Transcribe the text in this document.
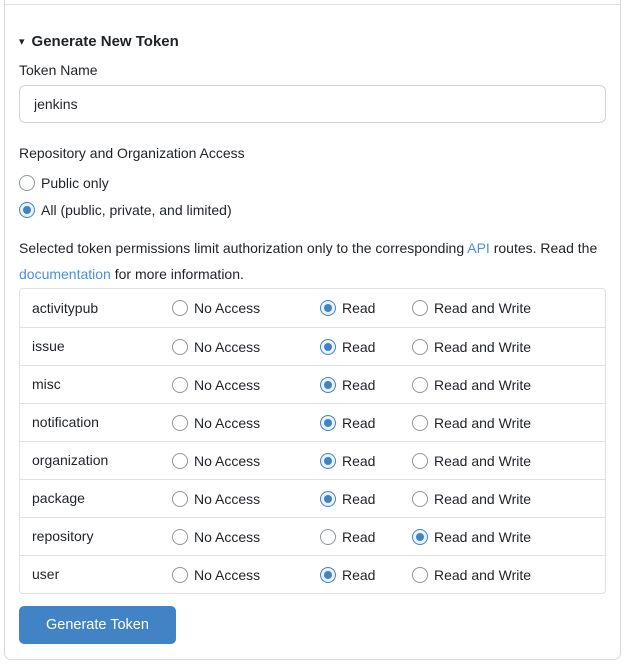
▾ Generate New Token
Token Name
jenkins
Repository and Organization Access
Public only
All (public, private, and limited)

Selected token permissions limit authorization only to the corresponding API routes. Read the documentation for more information.

activitypub	No Access	Read	Read and Write
issue	No Access	Read	Read and Write
misc	No Access	Read	Read and Write
notification	No Access	Read	Read and Write
organization	No Access	Read	Read and Write
package	No Access	Read	Read and Write
repository	No Access	Read	Read and Write
user	No Access	Read	Read and Write
Generate Token
